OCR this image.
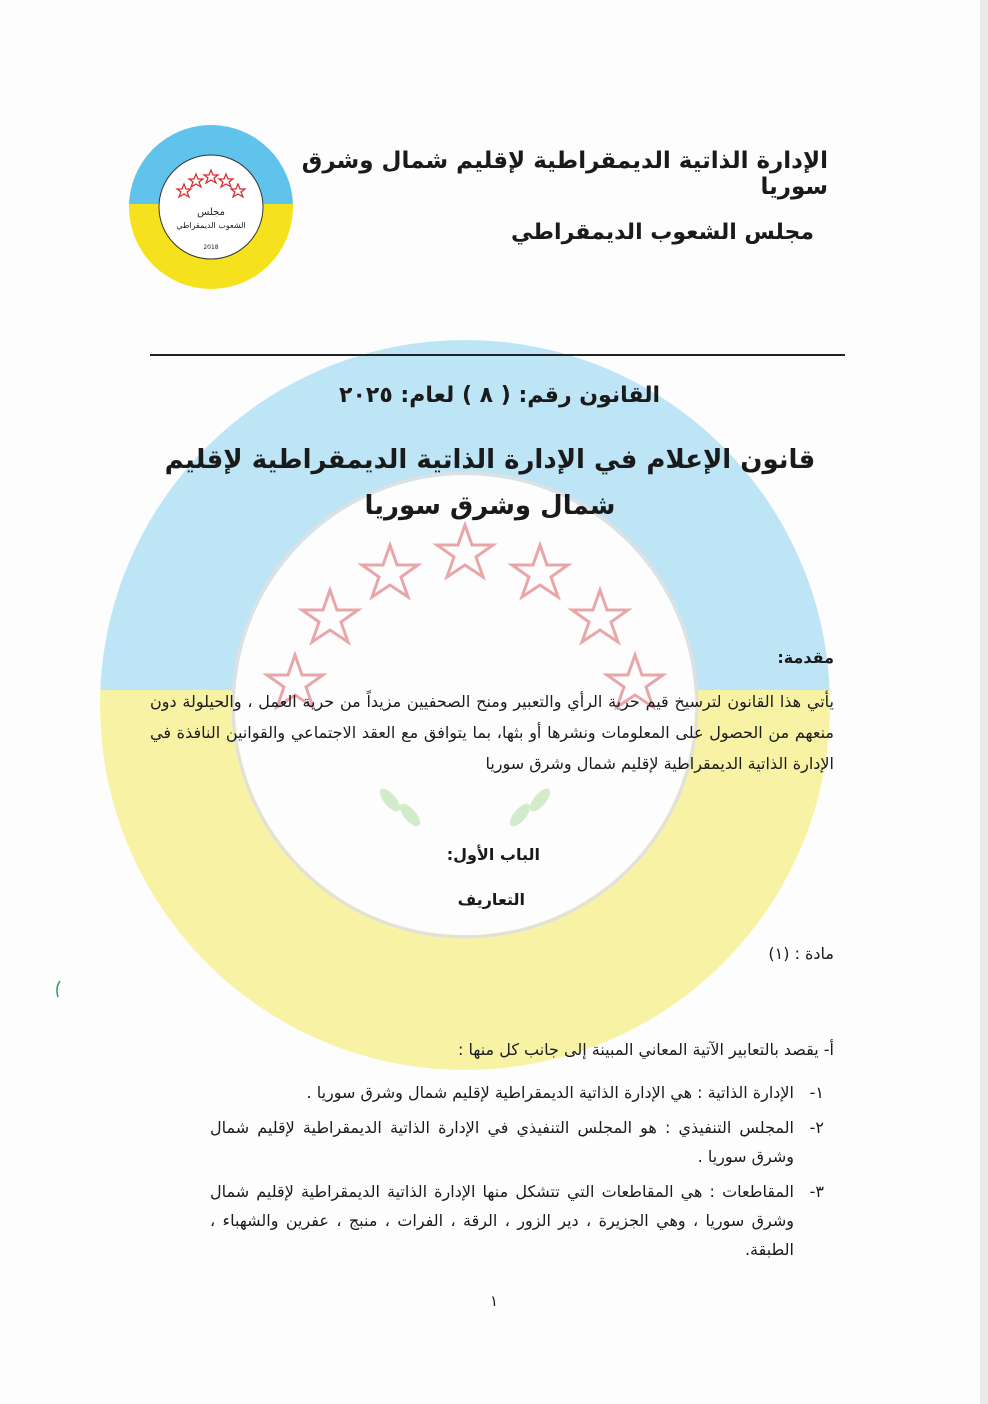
مجلس
الشعوب الديمقراطي
2018
الإدارة الذاتية الديمقراطية لإقليم شمال وشرق سوريا
مجلس الشعوب الديمقراطي
القانون رقم: ( ٨ ) لعام: ٢٠٢٥
قانون الإعلام في الإدارة الذاتية الديمقراطية لإقليم شمال وشرق سوريا
مقدمة:
يأتي هذا القانون لترسيخ قيم حرية الرأي والتعبير ومنح الصحفيين مزيداً من حرية العمل ، والحيلولة دون منعهم من الحصول على المعلومات ونشرها أو بثها، بما يتوافق مع العقد الاجتماعي والقوانين النافذة في الإدارة الذاتية الديمقراطية لإقليم شمال وشرق سوريا
الباب الأول:
التعاريف
مادة : (١)
أ- يقصد بالتعابير الآتية المعاني المبينة إلى جانب كل منها :
١-
الإدارة الذاتية : هي الإدارة الذاتية الديمقراطية لإقليم شمال وشرق سوريا .
٢-
المجلس التنفيذي : هو المجلس التنفيذي في الإدارة الذاتية الديمقراطية لإقليم شمال وشرق سوريا .
٣-
المقاطعات : هي المقاطعات التي تتشكل منها الإدارة الذاتية الديمقراطية لإقليم شمال وشرق سوريا ، وهي الجزيرة ، دير الزور ، الرقة ، الفرات ، منبج ، عفرين والشهباء ، الطبقة.
١
